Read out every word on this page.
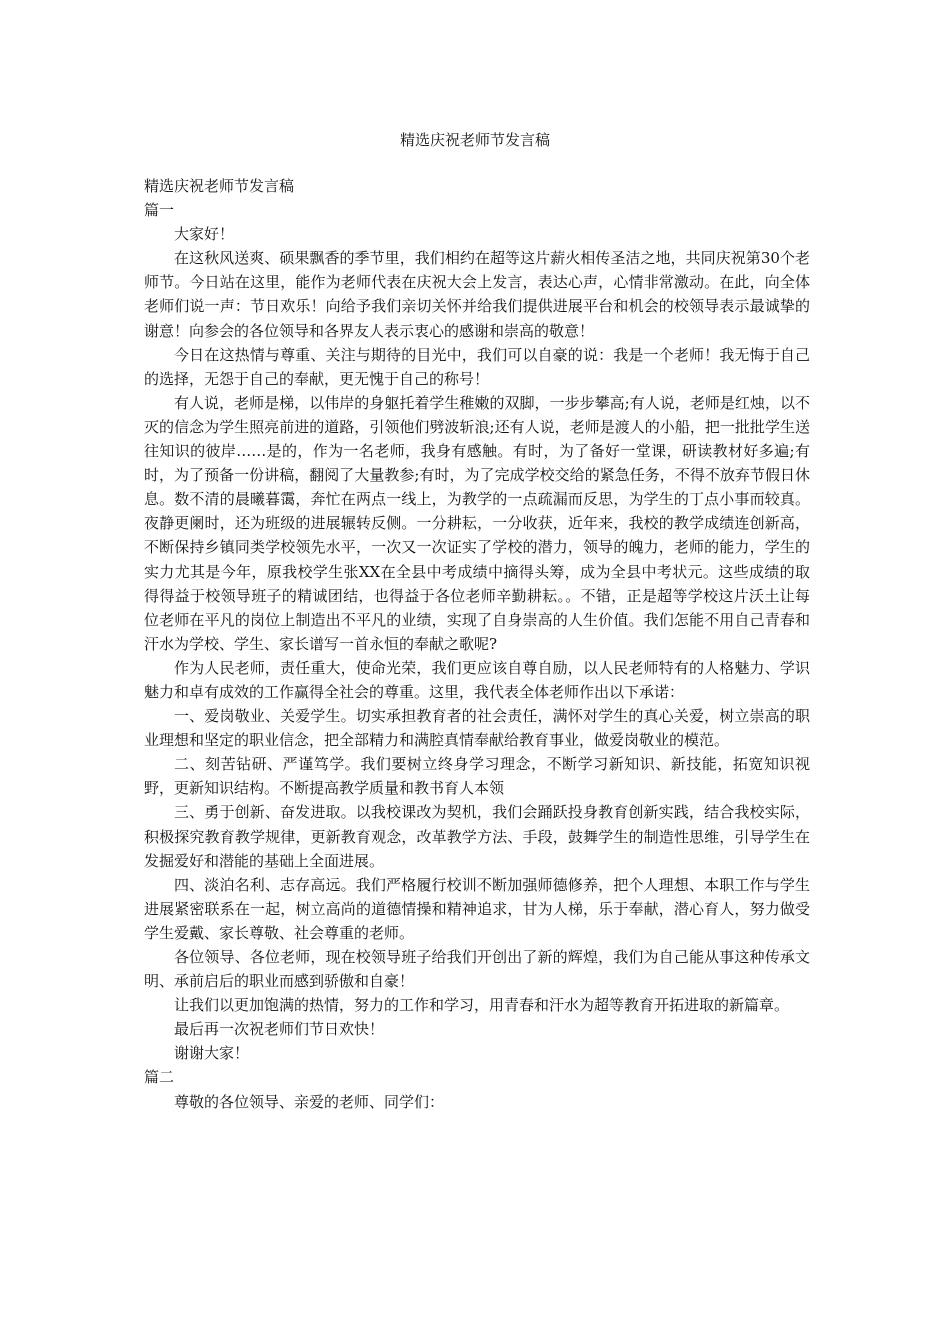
精选庆祝老师节发言稿

精选庆祝老师节发言稿

篇一

大家好！

在这秋风送爽、硕果飘香的季节里，我们相约在超等这片薪火相传圣洁之地，共同庆祝第30个老师节。今日站在这里，能作为老师代表在庆祝大会上发言，表达心声，心情非常激动。在此，向全体老师们说一声：节日欢乐！向给予我们亲切关怀并给我们提供进展平台和机会的校领导表示最诚挚的谢意！向参会的各位领导和各界友人表示衷心的感谢和崇高的敬意！

今日在这热情与尊重、关注与期待的目光中，我们可以自豪的说：我是一个老师！我无悔于自己的选择，无怨于自己的奉献，更无愧于自己的称号！

有人说，老师是梯，以伟岸的身躯托着学生稚嫩的双脚，一步步攀高;有人说，老师是红烛，以不灭的信念为学生照亮前进的道路，引领他们劈波斩浪;还有人说，老师是渡人的小船，把一批批学生送往知识的彼岸……是的，作为一名老师，我身有感触。有时，为了备好一堂课，研读教材好多遍;有时，为了预备一份讲稿，翻阅了大量教参;有时，为了完成学校交给的紧急任务，不得不放弃节假日休息。数不清的晨曦暮霭，奔忙在两点一线上，为教学的一点疏漏而反思，为学生的丁点小事而较真。夜静更阑时，还为班级的进展辗转反侧。一分耕耘，一分收获，近年来，我校的教学成绩连创新高，不断保持乡镇同类学校领先水平，一次又一次证实了学校的潜力，领导的魄力，老师的能力，学生的实力尤其是今年，原我校学生张XX在全县中考成绩中摘得头筹，成为全县中考状元。这些成绩的取得得益于校领导班子的精诚团结，也得益于各位老师辛勤耕耘。。不错，正是超等学校这片沃土让每位老师在平凡的岗位上制造出不平凡的业绩，实现了自身崇高的人生价值。我们怎能不用自己青春和汗水为学校、学生、家长谱写一首永恒的奉献之歌呢?

作为人民老师，责任重大，使命光荣，我们更应该自尊自励，以人民老师特有的人格魅力、学识魅力和卓有成效的工作赢得全社会的尊重。这里，我代表全体老师作出以下承诺：

一、爱岗敬业、关爱学生。切实承担教育者的社会责任，满怀对学生的真心关爱，树立崇高的职业理想和坚定的职业信念，把全部精力和满腔真情奉献给教育事业，做爱岗敬业的模范。

二、刻苦钻研、严谨笃学。我们要树立终身学习理念，不断学习新知识、新技能，拓宽知识视野，更新知识结构。不断提高教学质量和教书育人本领

三、勇于创新、奋发进取。以我校课改为契机，我们会踊跃投身教育创新实践，结合我校实际，积极探究教育教学规律，更新教育观念，改革教学方法、手段，鼓舞学生的制造性思维，引导学生在发掘爱好和潜能的基础上全面进展。

四、淡泊名利、志存高远。我们严格履行校训不断加强师德修养，把个人理想、本职工作与学生进展紧密联系在一起，树立高尚的道德情操和精神追求，甘为人梯，乐于奉献，潜心育人，努力做受学生爱戴、家长尊敬、社会尊重的老师。

各位领导、各位老师，现在校领导班子给我们开创出了新的辉煌，我们为自己能从事这种传承文明、承前启后的职业而感到骄傲和自豪！

让我们以更加饱满的热情，努力的工作和学习，用青春和汗水为超等教育开拓进取的新篇章。

最后再一次祝老师们节日欢快！

谢谢大家！

篇二

尊敬的各位领导、亲爱的老师、同学们：
